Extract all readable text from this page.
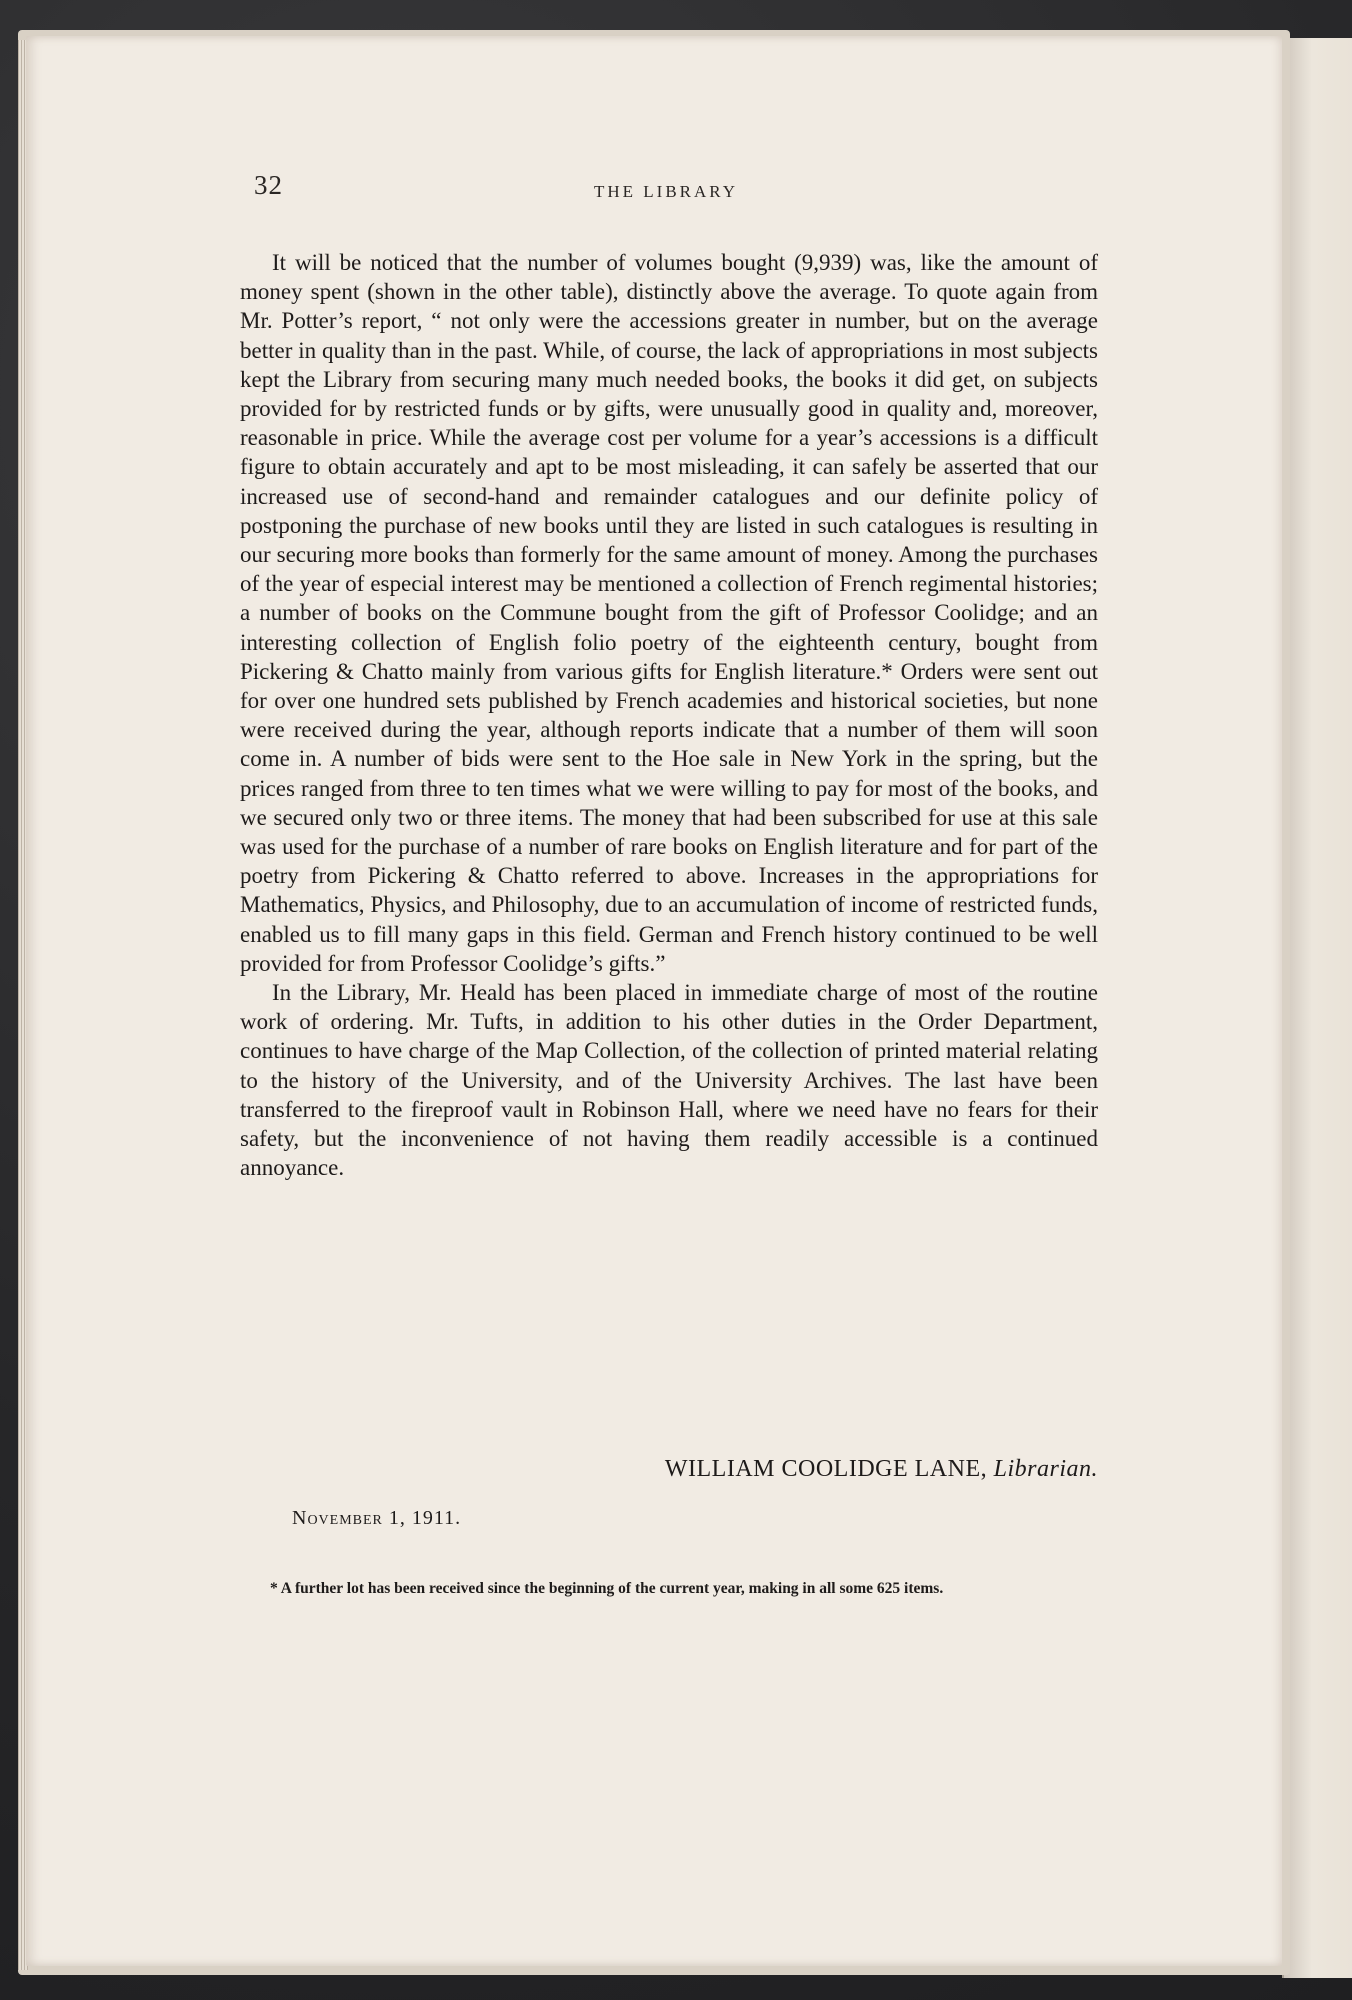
32	THE LIBRARY

It will be noticed that the number of volumes bought (9,939) was, like the amount of money spent (shown in the other table), distinctly above the average. To quote again from Mr. Potter’s report, “ not only were the accessions greater in number, but on the average better in quality than in the past. While, of course, the lack of appropriations in most subjects kept the Library from securing many much needed books, the books it did get, on subjects provided for by restricted funds or by gifts, were unusually good in quality and, moreover, reasonable in price. While the average cost per volume for a year’s accessions is a difficult figure to obtain accurately and apt to be most misleading, it can safely be asserted that our increased use of second-hand and remainder catalogues and our definite policy of postponing the purchase of new books until they are listed in such catalogues is resulting in our securing more books than formerly for the same amount of money. Among the purchases of the year of especial interest may be mentioned a collection of French regimental histories; a number of books on the Commune bought from the gift of Professor Coolidge; and an interesting collection of English folio poetry of the eighteenth century, bought from Pickering & Chatto mainly from various gifts for English literature.* Orders were sent out for over one hundred sets published by French academies and historical societies, but none were received during the year, although reports indicate that a number of them will soon come in. A number of bids were sent to the Hoe sale in New York in the spring, but the prices ranged from three to ten times what we were willing to pay for most of the books, and we secured only two or three items. The money that had been subscribed for use at this sale was used for the purchase of a number of rare books on English literature and for part of the poetry from Pickering & Chatto referred to above. Increases in the appropriations for Mathematics, Physics, and Philosophy, due to an accumulation of income of restricted funds, enabled us to fill many gaps in this field. German and French history continued to be well provided for from Professor Coolidge’s gifts.”

In the Library, Mr. Heald has been placed in immediate charge of most of the routine work of ordering. Mr. Tufts, in addition to his other duties in the Order Department, continues to have charge of the Map Collection, of the collection of printed material relating to the history of the University, and of the University Archives. The last have been transferred to the fireproof vault in Robinson Hall, where we need have no fears for their safety, but the inconvenience of not having them readily accessible is a continued annoyance.

WILLIAM COOLIDGE LANE, Librarian.
November 1, 1911.
* A further lot has been received since the beginning of the current year, making in all some 625 items.
